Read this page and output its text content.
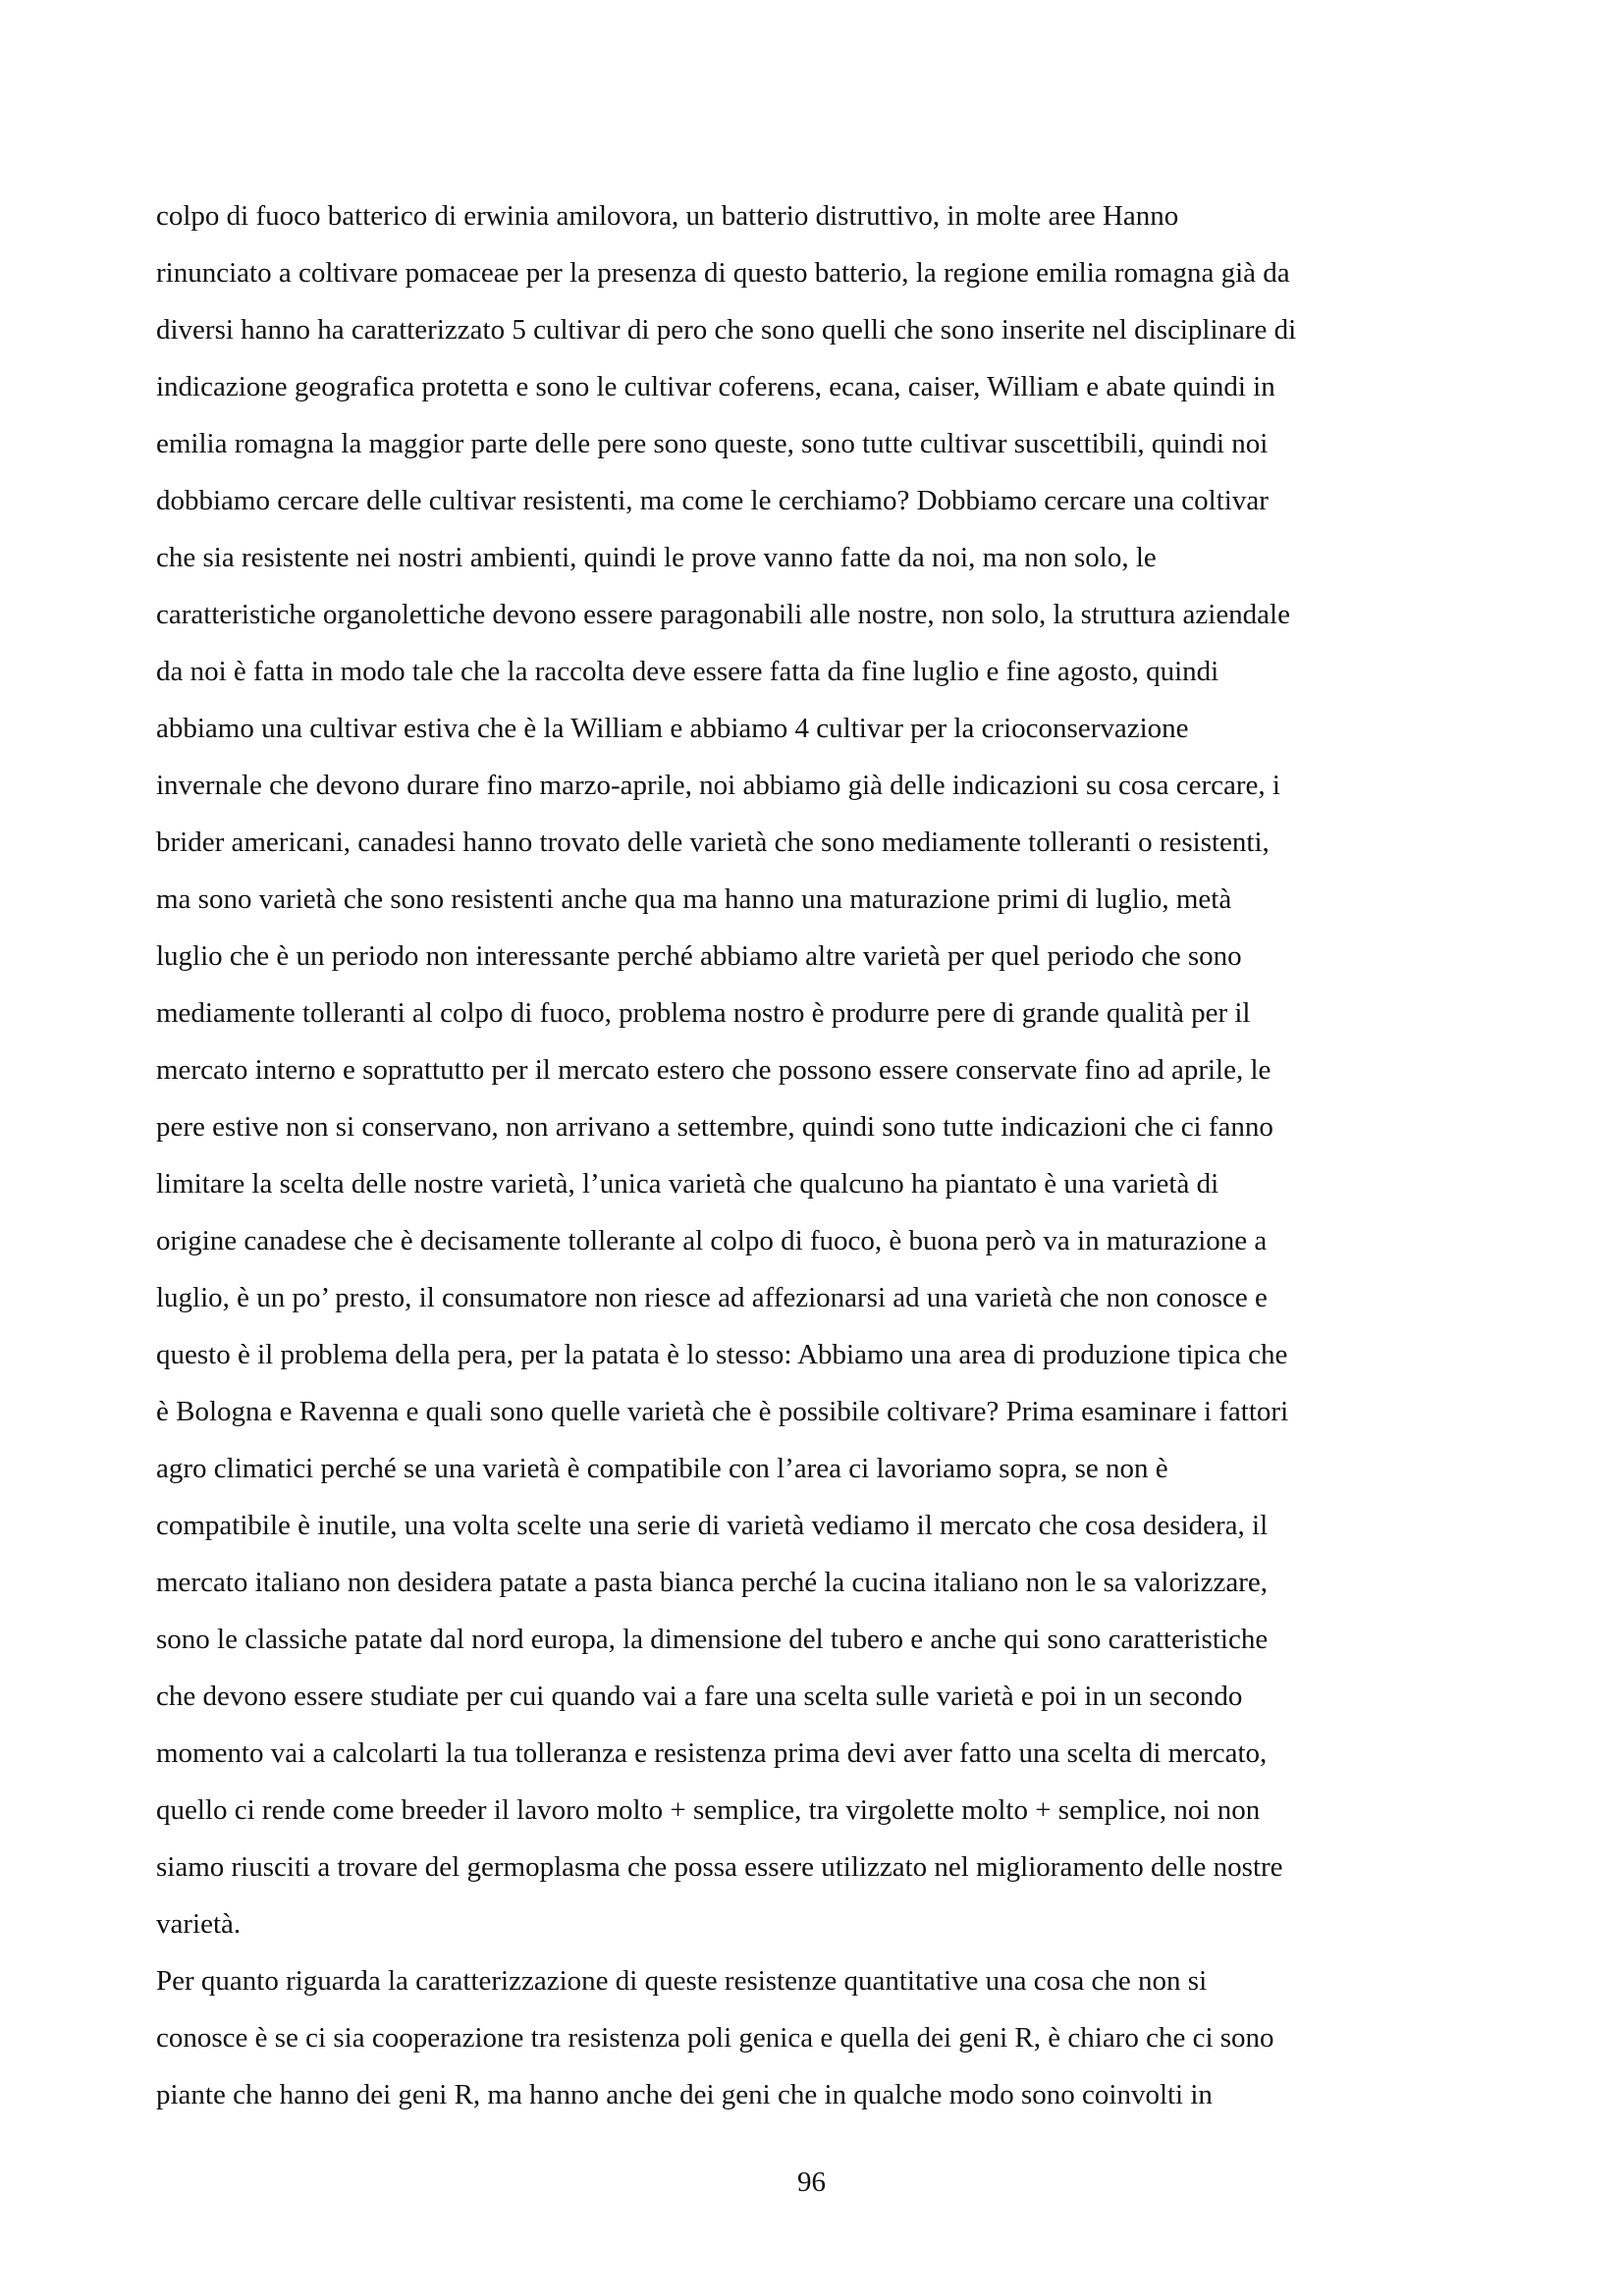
colpo di fuoco batterico di erwinia amilovora, un batterio distruttivo, in molte aree Hanno
rinunciato a coltivare pomaceae per la presenza di questo batterio, la regione emilia romagna già da
diversi hanno ha caratterizzato 5 cultivar di pero che sono quelli che sono inserite nel disciplinare di
indicazione geografica protetta e sono le cultivar coferens, ecana, caiser, William e abate quindi in
emilia romagna la maggior parte delle pere sono queste, sono tutte cultivar suscettibili, quindi noi
dobbiamo cercare delle cultivar resistenti, ma come le cerchiamo? Dobbiamo cercare una coltivar
che sia resistente nei nostri ambienti, quindi le prove vanno fatte da noi, ma non solo, le
caratteristiche organolettiche devono essere paragonabili alle nostre, non solo, la struttura aziendale
da noi è fatta in modo tale che la raccolta deve essere fatta da fine luglio e fine agosto, quindi
abbiamo una cultivar estiva che è la William e abbiamo 4 cultivar per la crioconservazione
invernale che devono durare fino marzo-aprile, noi abbiamo già delle indicazioni su cosa cercare, i
brider americani, canadesi hanno trovato delle varietà che sono mediamente tolleranti o resistenti,
ma sono varietà che sono resistenti anche qua ma hanno una maturazione primi di luglio, metà
luglio che è un periodo non interessante perché abbiamo altre varietà per quel periodo che sono
mediamente tolleranti al colpo di fuoco, problema nostro è produrre pere di grande qualità per il
mercato interno e soprattutto per il mercato estero che possono essere conservate fino ad aprile, le
pere estive non si conservano, non arrivano a settembre, quindi sono tutte indicazioni che ci fanno
limitare la scelta delle nostre varietà, l’unica varietà che qualcuno ha piantato è una varietà di
origine canadese che è decisamente tollerante al colpo di fuoco, è buona però va in maturazione a
luglio, è un po’ presto, il consumatore non riesce ad affezionarsi ad una varietà che non conosce e
questo è il problema della pera, per la patata è lo stesso: Abbiamo una area di produzione tipica che
è Bologna e Ravenna e quali sono quelle varietà che è possibile coltivare? Prima esaminare i fattori
agro climatici perché se una varietà è compatibile con l’area ci lavoriamo sopra, se non è
compatibile è inutile, una volta scelte una serie di varietà vediamo il mercato che cosa desidera, il
mercato italiano non desidera patate a pasta bianca perché la cucina italiano non le sa valorizzare,
sono le classiche patate dal nord europa, la dimensione del tubero e anche qui sono caratteristiche
che devono essere studiate per cui quando vai a fare una scelta sulle varietà e poi in un secondo
momento vai a calcolarti la tua tolleranza e resistenza prima devi aver fatto una scelta di mercato,
quello ci rende come breeder il lavoro molto + semplice, tra virgolette molto + semplice, noi non
siamo riusciti a trovare del germoplasma che possa essere utilizzato nel miglioramento delle nostre
varietà.
Per quanto riguarda la caratterizzazione di queste resistenze quantitative una cosa che non si
conosce è se ci sia cooperazione tra resistenza poli genica e quella dei geni R, è chiaro che ci sono
piante che hanno dei geni R, ma hanno anche dei geni che in qualche modo sono coinvolti in
96
